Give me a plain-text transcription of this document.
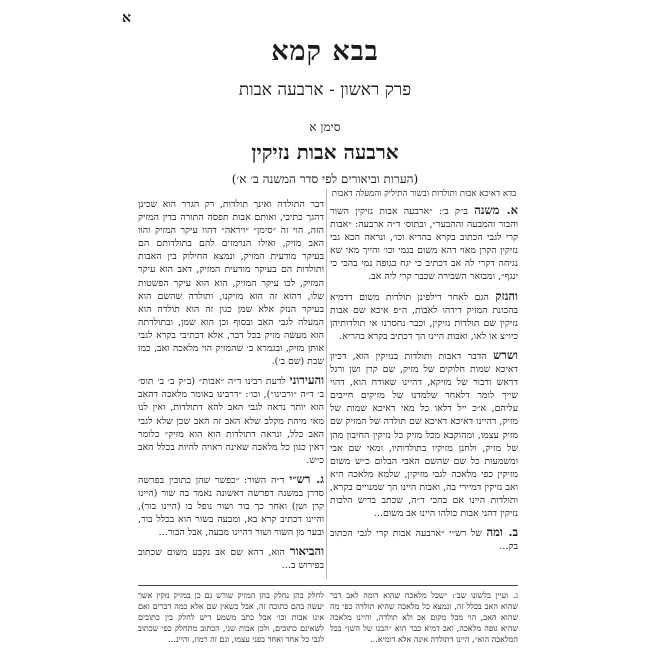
א
בבא קמא
פרק ראשון - ארבעה אבות
סימן א
ארבעה אבות נזיקין
(הערות וביאורים לפי סדר המשנה ב׳ א׳)
בדא דאיכא אבות ותולדות ובשור התיליק והמעלה דאבות
א. משנה ב״ק ב׳: ״ארבעה אבות נזיקין השור והבור והמבעה וההבער״, ובתוס׳ ד״ה ארבעה: ״אבות קרי לגבי הכתוב בקרא בהריא וכו׳, ונראה הכא גבי נזיקין הקרן מאוי דהא משום בגמי וכו׳ והייך מאי שא נגיחה דקרי לה אב דכתיב כי יגח בגופה נמי בהכי כי ינגף״, ומבואר השבירה שכבר קרי ליה אב.
והנזק הגם לאחר דילפינן תולדות משום דדמיא בהכונת המזיק דידהו לאבות, ה״פ איכא שם אבות נזיקין שם תולדות נזיקין, וכבר נחסרנו אי תולדותיהן כיו״צ או לאו, ואבות היינו הך דכתיב בקרא בהריא.
ושרש הדבר דאבות ותולדות בנזיקין הוא, דכיון דאיכא שמות חלוקים של מזיק, שם קרן ושן ורגל דראש ודבור של מזיקא, דהיינו שאורח הוא, דהוי שייך לומר דלאחר שלמדנו של מזיקים חייבים עליהם, א״כ ייל דלאו כל מאי דאיכא שמות של מזיק, דהיינו דאיכא דאיכא שם תולדה של המזיק שם מזיק עצמו, ומהוקבא מכל מזיק כל נזיקין החיבון מהן של מזיק, ולחנן מזיקיו בתולדותיו, ומאי שם אבי ומשמעות כל שם שהשם האבי הבלום כ״ש משום מזיקין כפי מלאכה לגבי מזיקין, שלמא מלאכה היא ואב נזיקין דמיירי בה, ואבות היינו הך שמנויים בקרא, ותולדות היינו אם בהכי ד״ה, שכתב בריש הלכות נזיקין דהני אבות כולהו היינו אב משום…
ב. ומה של רש״י ״ארבעה אבות קרי לגבי הכתוב בק…
דבר התולדה ואינך תולדות, רק הגרר הוא שכינן דהגך כתיבי, ואותם אבות תפסה התורה בדין המזיק הזה, הוי זה ״סימן״ ״ויראה״ דהוו עיקר המזיק והוו האב מזיק, ואילו הנרמזים להם בתולדותם הם בעיקר מודעית המזיק, ונמצא החילוק בין האבות ותולדות הם בעיקר מודעית המזיק, דאב הוא עיקר המזיק, לכו עיקר המזיק, הוא הוא עיקר הפשטות שלו, דהוא זה הוא מזיקנו, ותולדה שהשם הוא בעיקר הנזק אלא שמן כגון זה הוא תולדה הוא המעלה לגבי האב ובסוף וכן הוא שמן, ובתולדתה הוא מעשה מזיק בכל דבר, אלא דכתיבי בקרא לגבי אותן מזיק, ובגמרא ב׳ שהמזיק הוי מלאכה ואב, כמו שבת (שם ב׳).
והעירוני לדעת רבינו ד״ה ״אבות״ (ב״ק ב׳ ב׳ תוס׳ ב׳ ד״ה ״ורבינו״), וכו׳: ״דרבינו באומר מלאכה דהאב הוא יותר נראה לגבי האב להא דתולדות, ואין לנו מאי מיהת מקלב שלא האב זה האב שכן שלא לגבי האב כלל, ונראה דתולדות הוא הוא מזיק״ כלומר דאין כגון כל מלאכה שאינה ראויה להיות בכלל האב כ״ש.
ג. רש״י ד״ה השור: ״כפשר שהן כתובין בפרשה סדרן במשנה דפרשה דאשונה נאמר בה שור (היינו קרן ושן) ואחר כך בור ושור נופל בו (היינו בור), והיינו דכתיב קרא בא, ומבעה בשור הוא בכלל בור, ובער מן השור ושור דהיינו מבעה, אבל הבור…
והביאור הוא, דהא שם אב נקבע משום שכתוב בפירוש ב…
ג. ועיין בלשונו שב׳: ״שכל מלאכה שהוא דומה לאב דבר שהוא האב בכלל זה, ונמצא כל מלאכה שהיא תולדה כפי מה שהוא האב, הוי מכל מקום אב ולא תולדה, והיינו מלאכה שהיא גופה מלאכה, ואב דמיא כבר הוא ״הבנו של השן״ בכל המלאכה הוא״, היינו דתולדה אינה אלא דומיא…
לחלק בהן נחלק בהן המזיק שורש גם כן במזיק נזקין אשר יעשה בהם כתובה זה, אבל כשאין שם אלא כמה דברים ואם אינו אבות וכו׳ אבל כתב משמע דיש לחלק בין כתובים לשאינם כתובים, ולכן אבות שני, הכתוב מתחלק כפי שכתוב לגבי כל אחד ואחד בפני עצמו, וגם זה רמוז, והיינ…
